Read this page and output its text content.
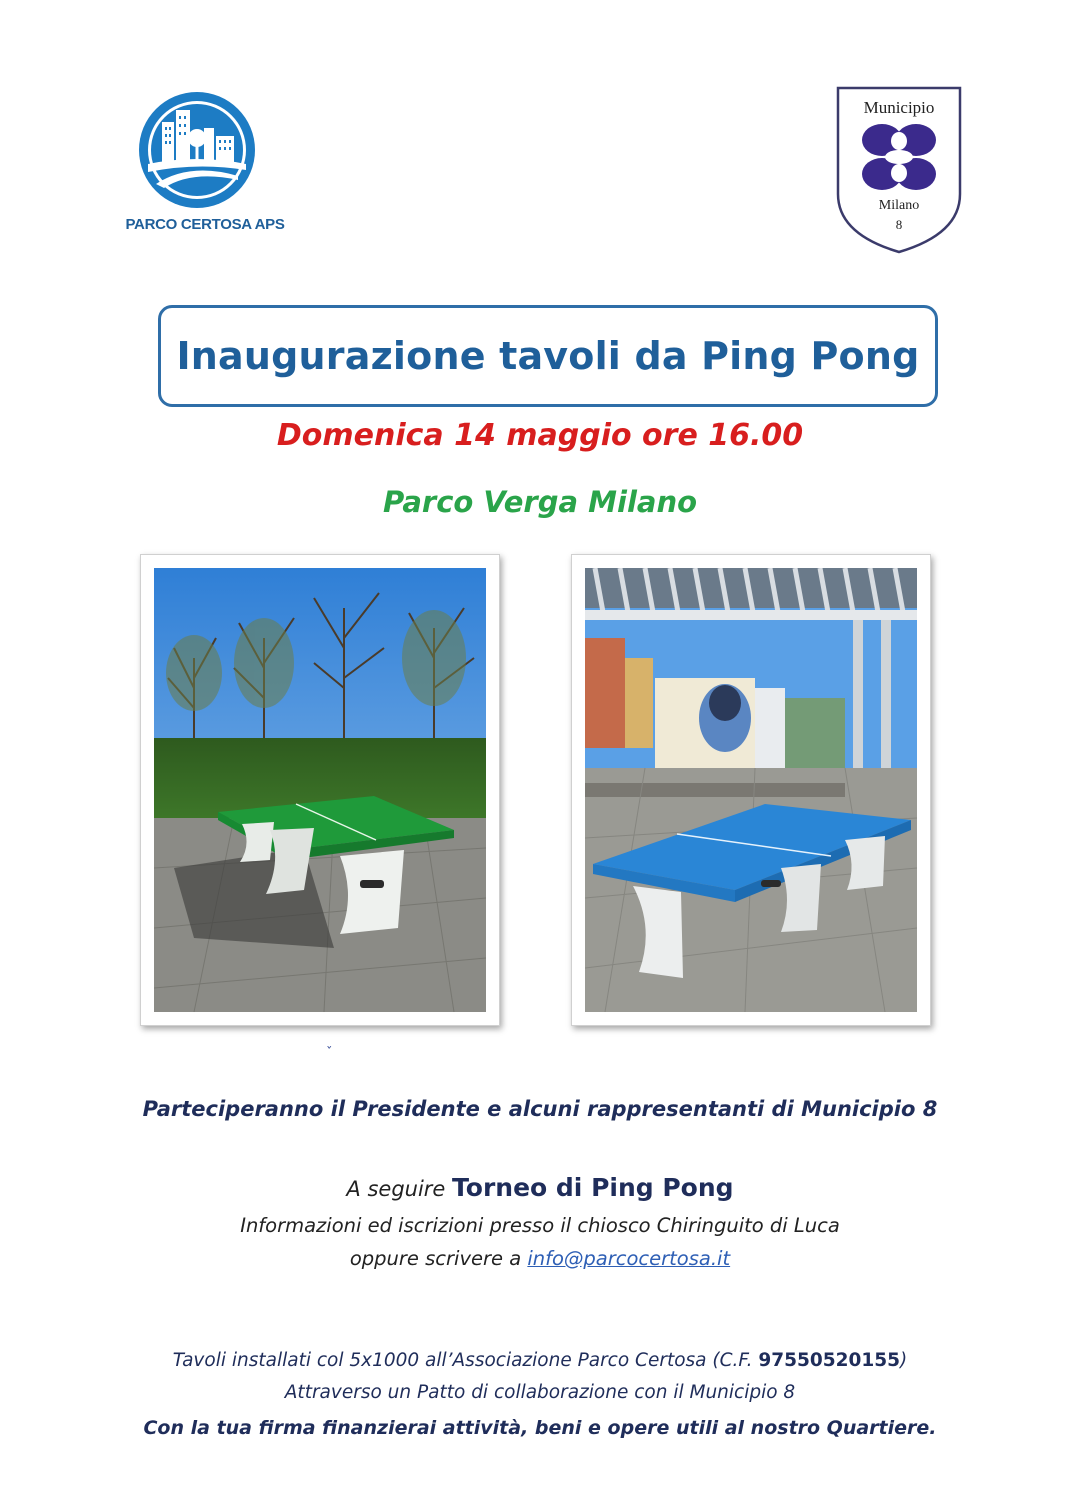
PARCO CERTOSA APS
Municipio
Milano
8
Inaugurazione tavoli da Ping Pong
Domenica 14 maggio ore 16.00
Parco Verga Milano
ˇ
Parteciperanno il Presidente e alcuni rappresentanti di Municipio 8
A seguire Torneo di Ping Pong
Informazioni ed iscrizioni presso il chiosco Chiringuito di Luca
oppure scrivere a info@parcocertosa.it
Tavoli installati col 5x1000 all’Associazione Parco Certosa (C.F. 97550520155)
Attraverso un Patto di collaborazione con il Municipio 8
Con la tua firma finanzierai attività, beni e opere utili al nostro Quartiere.
